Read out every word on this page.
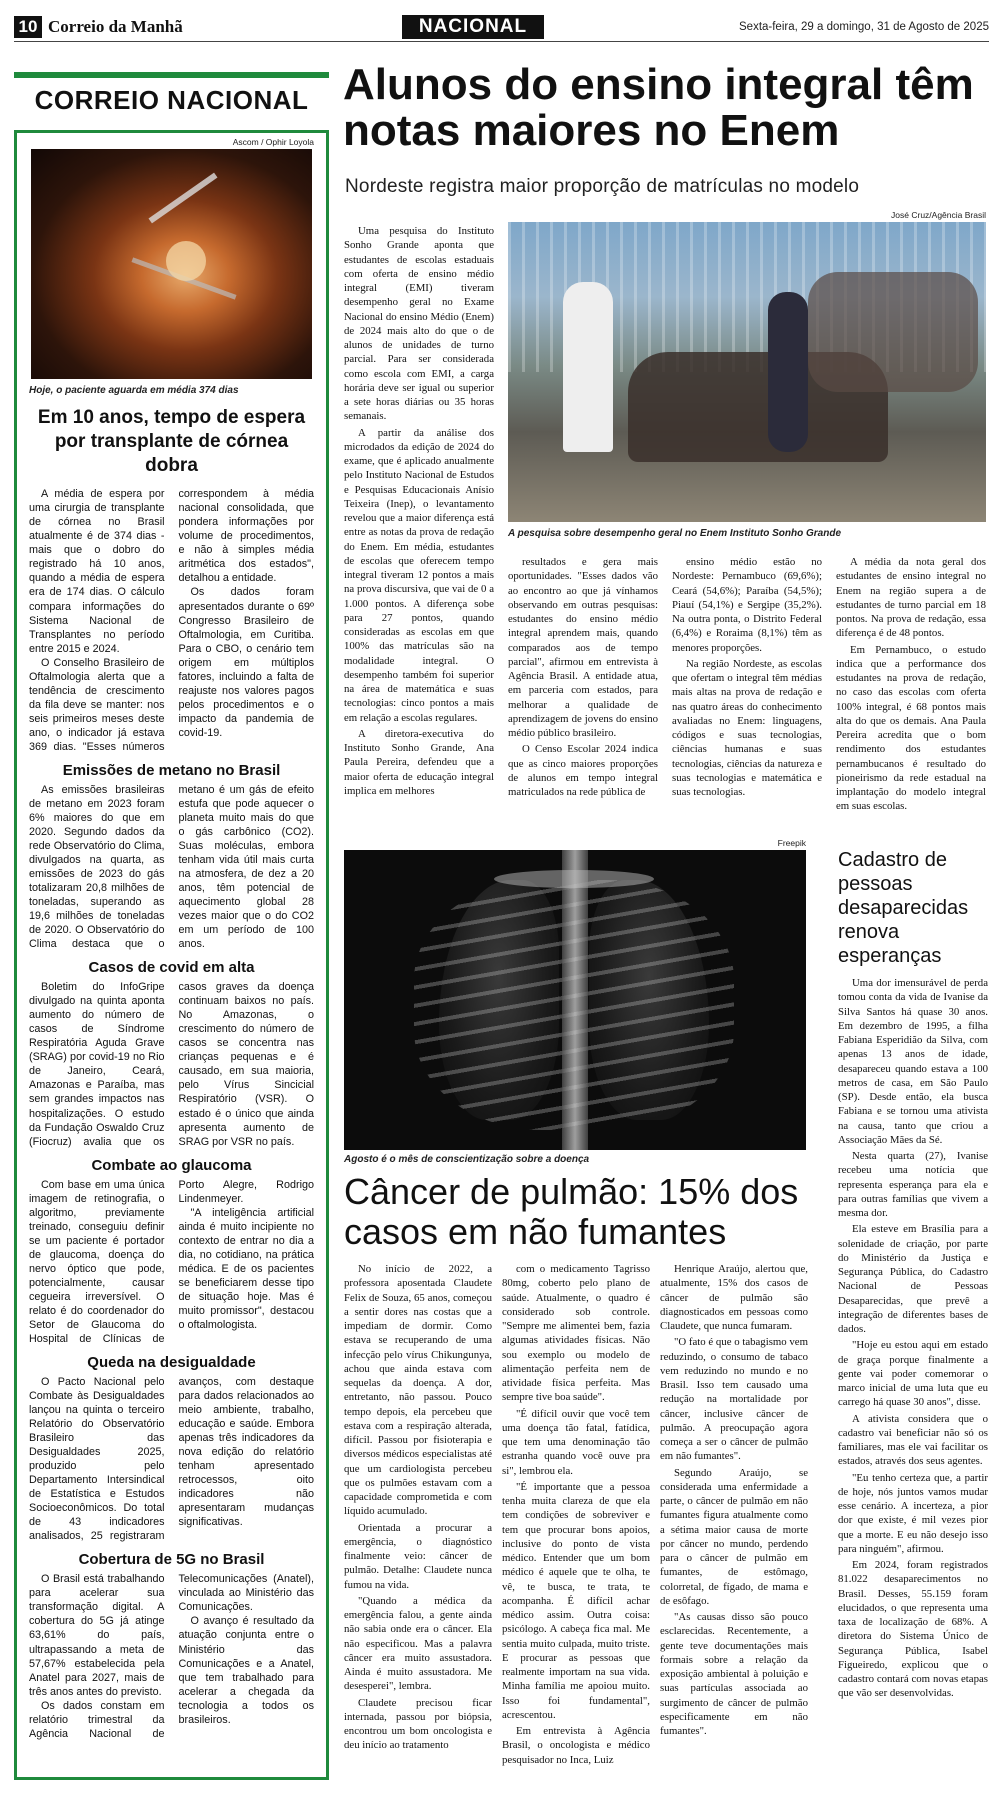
10 Correio da Manhã	NACIONAL	Sexta-feira, 29 a domingo, 31 de Agosto de 2025
CORREIO NACIONAL
Ascom / Ophir Loyola
Hoje, o paciente aguarda em média 374 dias
Em 10 anos, tempo de espera por transplante de córnea dobra

A média de espera por uma cirurgia de transplante de córnea no Brasil atualmente é de 374 dias - mais que o dobro do registrado há 10 anos, quando a média de espera era de 174 dias. O cálculo compara informações do Sistema Nacional de Transplantes no período entre 2015 e 2024.

O Conselho Brasileiro de Oftalmologia alerta que a tendência de crescimento da fila deve se manter: nos seis primeiros meses deste ano, o indicador já estava 369 dias. "Esses números correspondem à média nacional consolidada, que pondera informações por volume de procedimentos, e não à simples média aritmética dos estados", detalhou a entidade.

Os dados foram apresentados durante o 69º Congresso Brasileiro de Oftalmologia, em Curitiba. Para o CBO, o cenário tem origem em múltiplos fatores, incluindo a falta de reajuste nos valores pagos pelos procedimentos e o impacto da pandemia de covid-19.

Emissões de metano no Brasil

As emissões brasileiras de metano em 2023 foram 6% maiores do que em 2020. Segundo dados da rede Observatório do Clima, divulgados na quarta, as emissões de 2023 do gás totalizaram 20,8 milhões de toneladas, superando as 19,6 milhões de toneladas de 2020. O Observatório do Clima destaca que o metano é um gás de efeito estufa que pode aquecer o planeta muito mais do que o gás carbônico (CO2). Suas moléculas, embora tenham vida útil mais curta na atmosfera, de dez a 20 anos, têm potencial de aquecimento global 28 vezes maior que o do CO2 em um período de 100 anos.

Casos de covid em alta

Boletim do InfoGripe divulgado na quinta aponta aumento do número de casos de Síndrome Respiratória Aguda Grave (SRAG) por covid-19 no Rio de Janeiro, Ceará, Amazonas e Paraíba, mas sem grandes impactos nas hospitalizações. O estudo da Fundação Oswaldo Cruz (Fiocruz) avalia que os casos graves da doença continuam baixos no país. No Amazonas, o crescimento do número de casos se concentra nas crianças pequenas e é causado, em sua maioria, pelo Vírus Sincicial Respiratório (VSR). O estado é o único que ainda apresenta aumento de SRAG por VSR no país.

Combate ao glaucoma

Com base em uma única imagem de retinografia, o algoritmo, previamente treinado, conseguiu definir se um paciente é portador de glaucoma, doença do nervo óptico que pode, potencialmente, causar cegueira irreversível. O relato é do coordenador do Setor de Glaucoma do Hospital de Clínicas de Porto Alegre, Rodrigo Lindenmeyer.

"A inteligência artificial ainda é muito incipiente no contexto de entrar no dia a dia, no cotidiano, na prática médica. E de os pacientes se beneficiarem desse tipo de situação hoje. Mas é muito promissor", destacou o oftalmologista.

Queda na desigualdade

O Pacto Nacional pelo Combate às Desigualdades lançou na quinta o terceiro Relatório do Observatório Brasileiro das Desigualdades 2025, produzido pelo Departamento Intersindical de Estatística e Estudos Socioeconômicos. Do total de 43 indicadores analisados, 25 registraram avanços, com destaque para dados relacionados ao meio ambiente, trabalho, educação e saúde. Embora apenas três indicadores da nova edição do relatório tenham apresentado retrocessos, oito indicadores não apresentaram mudanças significativas.

Cobertura de 5G no Brasil

O Brasil está trabalhando para acelerar sua transformação digital. A cobertura do 5G já atinge 63,61% do país, ultrapassando a meta de 57,67% estabelecida pela Anatel para 2027, mais de três anos antes do previsto.

Os dados constam em relatório trimestral da Agência Nacional de Telecomunicações (Anatel), vinculada ao Ministério das Comunicações.

O avanço é resultado da atuação conjunta entre o Ministério das Comunicações e a Anatel, que tem trabalhado para acelerar a chegada da tecnologia a todos os brasileiros.

Alunos do ensino integral têm notas maiores no Enem
Nordeste registra maior proporção de matrículas no modelo

Uma pesquisa do Instituto Sonho Grande aponta que estudantes de escolas estaduais com oferta de ensino médio integral (EMI) tiveram desempenho geral no Exame Nacional do ensino Médio (Enem) de 2024 mais alto do que o de alunos de unidades de turno parcial. Para ser considerada como escola com EMI, a carga horária deve ser igual ou superior a sete horas diárias ou 35 horas semanais.

A partir da análise dos microdados da edição de 2024 do exame, que é aplicado anualmente pelo Instituto Nacional de Estudos e Pesquisas Educacionais Anísio Teixeira (Inep), o levantamento revelou que a maior diferença está entre as notas da prova de redação do Enem. Em média, estudantes de escolas que oferecem tempo integral tiveram 12 pontos a mais na prova discursiva, que vai de 0 a 1.000 pontos. A diferença sobe para 27 pontos, quando consideradas as escolas em que 100% das matrículas são na modalidade integral. O desempenho também foi superior na área de matemática e suas tecnologias: cinco pontos a mais em relação a escolas regulares.

A diretora-executiva do Instituto Sonho Grande, Ana Paula Pereira, defendeu que a maior oferta de educação integral implica em melhores

José Cruz/Agência Brasil
A pesquisa sobre desempenho geral no Enem Instituto Sonho Grande

resultados e gera mais oportunidades. "Esses dados vão ao encontro ao que já vínhamos observando em outras pesquisas: estudantes do ensino médio integral aprendem mais, quando comparados aos de tempo parcial", afirmou em entrevista à Agência Brasil. A entidade atua, em parceria com estados, para melhorar a qualidade de aprendizagem de jovens do ensino médio público brasileiro.

O Censo Escolar 2024 indica que as cinco maiores proporções de alunos em tempo integral matriculados na rede pública de

ensino médio estão no Nordeste: Pernambuco (69,6%); Ceará (54,6%); Paraíba (54,5%); Piauí (54,1%) e Sergipe (35,2%). Na outra ponta, o Distrito Federal (6,4%) e Roraima (8,1%) têm as menores proporções.

Na região Nordeste, as escolas que ofertam o integral têm médias mais altas na prova de redação e nas quatro áreas do conhecimento avaliadas no Enem: linguagens, códigos e suas tecnologias, ciências humanas e suas tecnologias, ciências da natureza e suas tecnologias e matemática e suas tecnologias.

A média da nota geral dos estudantes de ensino integral no Enem na região supera a de estudantes de turno parcial em 18 pontos. Na prova de redação, essa diferença é de 48 pontos.

Em Pernambuco, o estudo indica que a performance dos estudantes na prova de redação, no caso das escolas com oferta 100% integral, é 68 pontos mais alta do que os demais. Ana Paula Pereira acredita que o bom rendimento dos estudantes pernambucanos é resultado do pioneirismo da rede estadual na implantação do modelo integral em suas escolas.

Freepik
Agosto é o mês de conscientização sobre a doença
Câncer de pulmão: 15% dos casos em não fumantes

No início de 2022, a professora aposentada Claudete Felix de Souza, 65 anos, começou a sentir dores nas costas que a impediam de dormir. Como estava se recuperando de uma infecção pelo vírus Chikungunya, achou que ainda estava com sequelas da doença. A dor, entretanto, não passou. Pouco tempo depois, ela percebeu que estava com a respiração alterada, difícil. Passou por fisioterapia e diversos médicos especialistas até que um cardiologista percebeu que os pulmões estavam com a capacidade comprometida e com líquido acumulado.

Orientada a procurar a emergência, o diagnóstico finalmente veio: câncer de pulmão. Detalhe: Claudete nunca fumou na vida.

"Quando a médica da emergência falou, a gente ainda não sabia onde era o câncer. Ela não especificou. Mas a palavra câncer era muito assustadora. Ainda é muito assustadora. Me desesperei", lembra.

Claudete precisou ficar internada, passou por biópsia, encontrou um bom oncologista e deu início ao tratamento

com o medicamento Tagrisso 80mg, coberto pelo plano de saúde. Atualmente, o quadro é considerado sob controle. "Sempre me alimentei bem, fazia algumas atividades físicas. Não sou exemplo ou modelo de alimentação perfeita nem de atividade física perfeita. Mas sempre tive boa saúde".

"É difícil ouvir que você tem uma doença tão fatal, fatídica, que tem uma denominação tão estranha quando você ouve pra si", lembrou ela.

"É importante que a pessoa tenha muita clareza de que ela tem condições de sobreviver e tem que procurar bons apoios, inclusive do ponto de vista médico. Entender que um bom médico é aquele que te olha, te vê, te busca, te trata, te acompanha. É difícil achar médico assim. Outra coisa: psicólogo. A cabeça fica mal. Me sentia muito culpada, muito triste. E procurar as pessoas que realmente importam na sua vida. Minha família me apoiou muito. Isso foi fundamental", acrescentou.

Em entrevista à Agência Brasil, o oncologista e médico pesquisador no Inca, Luiz

Henrique Araújo, alertou que, atualmente, 15% dos casos de câncer de pulmão são diagnosticados em pessoas como Claudete, que nunca fumaram.

"O fato é que o tabagismo vem reduzindo, o consumo de tabaco vem reduzindo no mundo e no Brasil. Isso tem causado uma redução na mortalidade por câncer, inclusive câncer de pulmão. A preocupação agora começa a ser o câncer de pulmão em não fumantes".

Segundo Araújo, se considerada uma enfermidade a parte, o câncer de pulmão em não fumantes figura atualmente como a sétima maior causa de morte por câncer no mundo, perdendo para o câncer de pulmão em fumantes, de estômago, colorretal, de fígado, de mama e de esôfago.

"As causas disso são pouco esclarecidas. Recentemente, a gente teve documentações mais formais sobre a relação da exposição ambiental à poluição e suas partículas associada ao surgimento de câncer de pulmão especificamente em não fumantes".

Cadastro de pessoas desaparecidas renova esperanças

Uma dor imensurável de perda tomou conta da vida de Ivanise da Silva Santos há quase 30 anos. Em dezembro de 1995, a filha Fabiana Esperidião da Silva, com apenas 13 anos de idade, desapareceu quando estava a 100 metros de casa, em São Paulo (SP). Desde então, ela busca Fabiana e se tornou uma ativista na causa, tanto que criou a Associação Mães da Sé.

Nesta quarta (27), Ivanise recebeu uma notícia que representa esperança para ela e para outras famílias que vivem a mesma dor.

Ela esteve em Brasília para a solenidade de criação, por parte do Ministério da Justiça e Segurança Pública, do Cadastro Nacional de Pessoas Desaparecidas, que prevê a integração de diferentes bases de dados.

"Hoje eu estou aqui em estado de graça porque finalmente a gente vai poder comemorar o marco inicial de uma luta que eu carrego há quase 30 anos", disse.

A ativista considera que o cadastro vai beneficiar não só os familiares, mas ele vai facilitar os estados, através dos seus agentes.

"Eu tenho certeza que, a partir de hoje, nós juntos vamos mudar esse cenário. A incerteza, a pior dor que existe, é mil vezes pior que a morte. E eu não desejo isso para ninguém", afirmou.

Em 2024, foram registrados 81.022 desaparecimentos no Brasil. Desses, 55.159 foram elucidados, o que representa uma taxa de localização de 68%. A diretora do Sistema Único de Segurança Pública, Isabel Figueiredo, explicou que o cadastro contará com novas etapas que vão ser desenvolvidas.
